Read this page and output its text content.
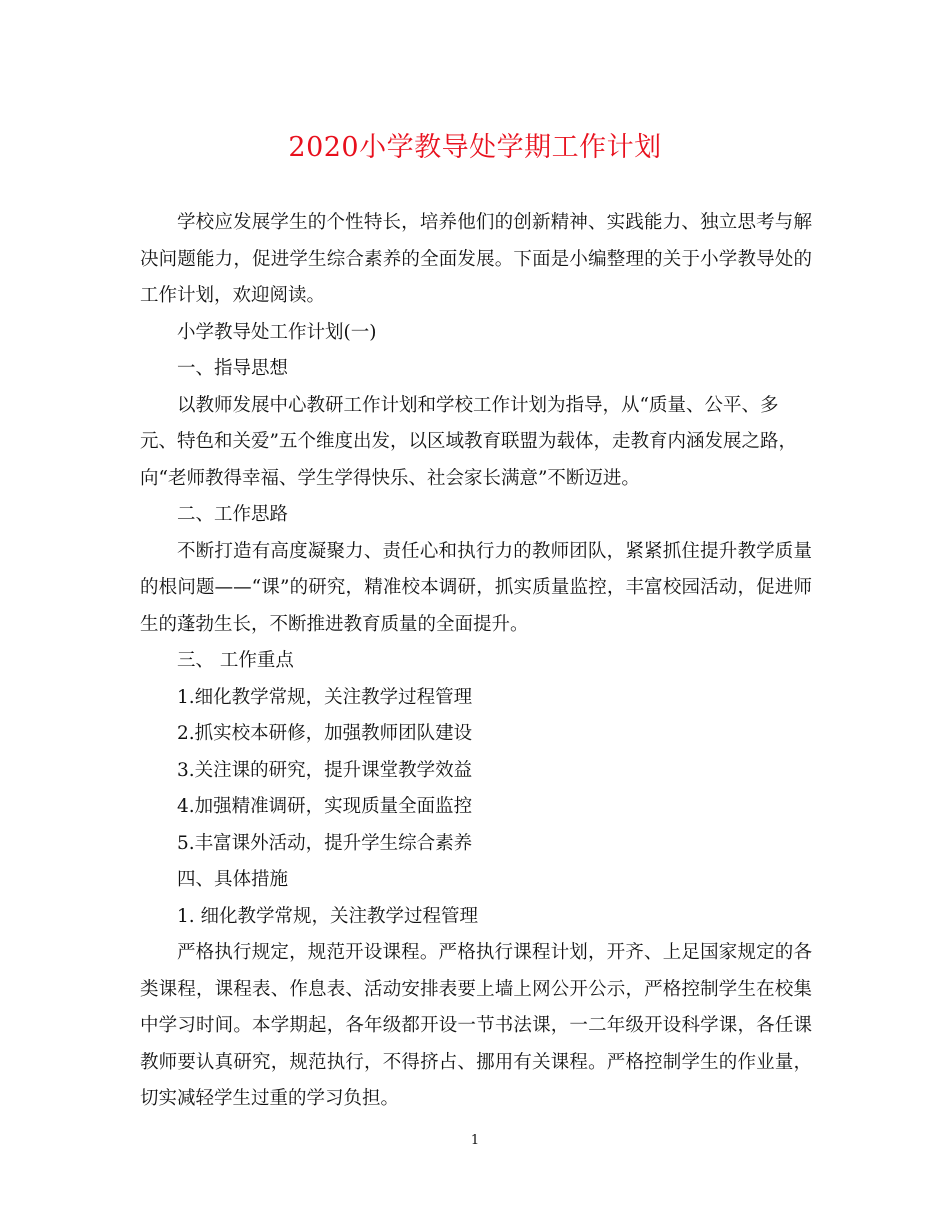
2020小学教导处学期工作计划

学校应发展学生的个性特长，培养他们的创新精神、实践能力、独立思考与解决问题能力，促进学生综合素养的全面发展。下面是小编整理的关于小学教导处的工作计划，欢迎阅读。

小学教导处工作计划(一)

一、指导思想

以教师发展中心教研工作计划和学校工作计划为指导，从“质量、公平、多

元、特色和关爱”五个维度出发，以区域教育联盟为载体，走教育内涵发展之路，

向“老师教得幸福、学生学得快乐、社会家长满意”不断迈进。

二、工作思路

不断打造有高度凝聚力、责任心和执行力的教师团队，紧紧抓住提升教学质量的根问题——“课”的研究，精准校本调研，抓实质量监控，丰富校园活动，促进师生的蓬勃生长，不断推进教育质量的全面提升。

三、 工作重点

1.细化教学常规，关注教学过程管理

2.抓实校本研修，加强教师团队建设

3.关注课的研究，提升课堂教学效益

4.加强精准调研，实现质量全面监控

5.丰富课外活动，提升学生综合素养

四、具体措施

1. 细化教学常规，关注教学过程管理

严格执行规定，规范开设课程。严格执行课程计划，开齐、上足国家规定的各类课程，课程表、作息表、活动安排表要上墙上网公开公示，严格控制学生在校集中学习时间。本学期起，各年级都开设一节书法课，一二年级开设科学课，各任课教师要认真研究，规范执行，不得挤占、挪用有关课程。严格控制学生的作业量，切实减轻学生过重的学习负担。

1
